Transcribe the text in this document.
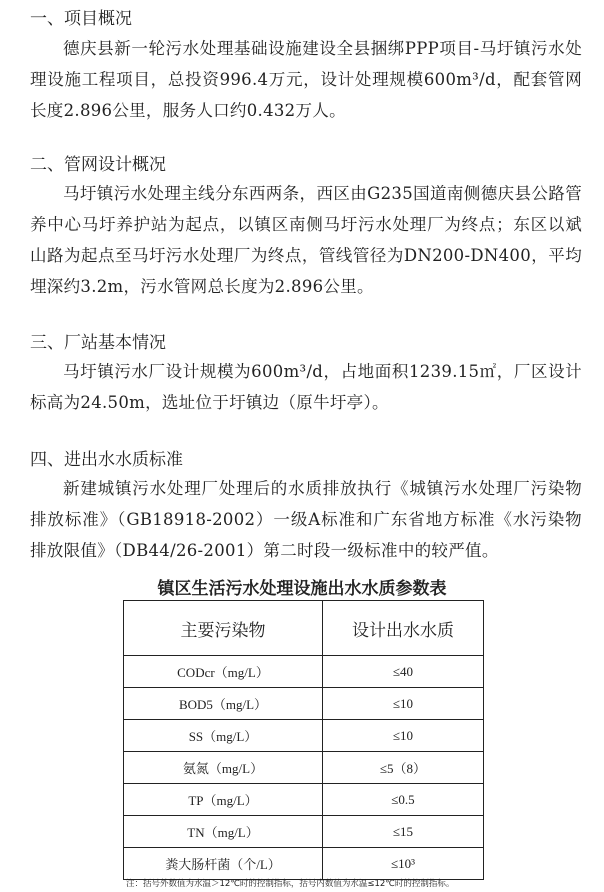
一、项目概况
德庆县新一轮污水处理基础设施建设全县捆绑PPP项目-马圩镇污水处理设施工程项目，总投资996.4万元，设计处理规模600m³/d，配套管网长度2.896公里，服务人口约0.432万人。
二、管网设计概况
马圩镇污水处理主线分东西两条，西区由G235国道南侧德庆县公路管养中心马圩养护站为起点，以镇区南侧马圩污水处理厂为终点；东区以斌山路为起点至马圩污水处理厂为终点，管线管径为DN200-DN400，平均埋深约3.2m，污水管网总长度为2.896公里。
三、厂站基本情况
马圩镇污水厂设计规模为600m³/d，占地面积1239.15㎡，厂区设计标高为24.50m，选址位于圩镇边（原牛圩亭）。
四、进出水水质标准
新建城镇污水处理厂处理后的水质排放执行《城镇污水处理厂污染物排放标准》（GB18918-2002）一级A标准和广东省地方标准《水污染物排放限值》（DB44/26-2001）第二时段一级标准中的较严值。
镇区生活污水处理设施出水水质参数表
主要污染物	设计出水水质
CODcr（mg/L）	≤40
BOD5（mg/L）	≤10
SS（mg/L）	≤10
氨氮（mg/L）	≤5（8）
TP（mg/L）	≤0.5
TN（mg/L）	≤15
粪大肠杆菌（个/L）	≤10³
注：括号外数值为水温＞12℃时的控制指标，括号内数值为水温≤12℃时的控制指标。
